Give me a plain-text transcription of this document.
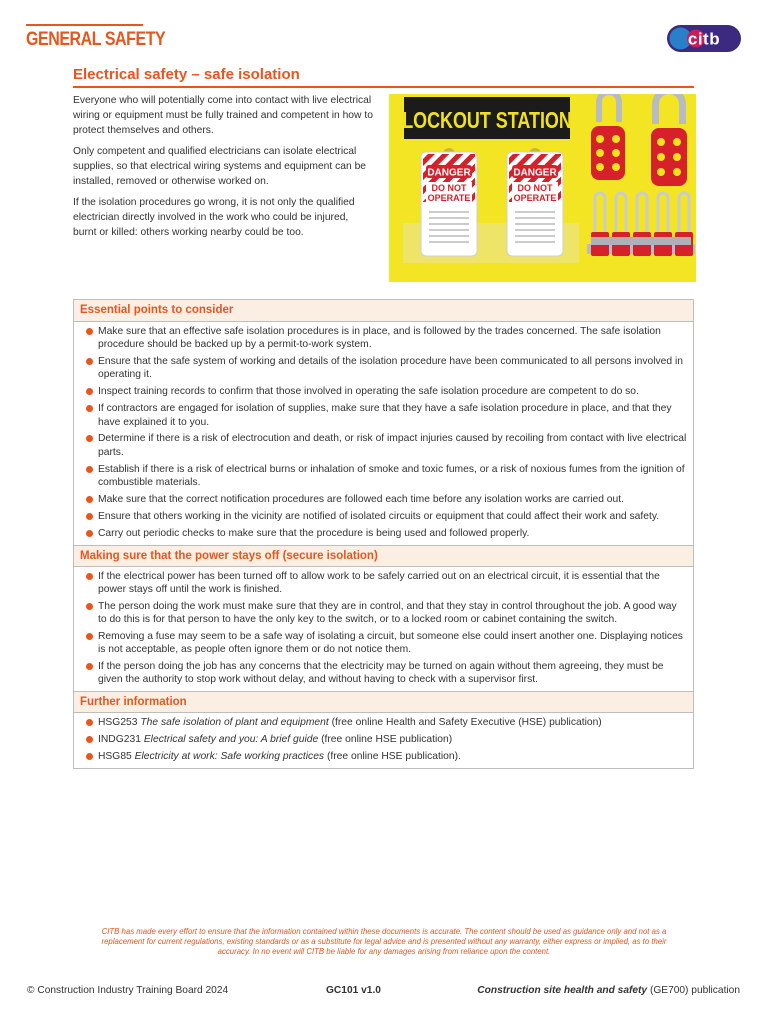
GENERAL SAFETY	citb
Electrical safety – safe isolation

Everyone who will potentially come into contact with live electrical wiring or equipment must be fully trained and competent in how to protect themselves and others.

Only competent and qualified electricians can isolate electrical supplies, so that electrical wiring systems and equipment can be installed, removed or otherwise worked on.

If the isolation procedures go wrong, it is not only the qualified electrician directly involved in the work who could be injured, burnt or killed: others working nearby could be too.

LOCKOUT STATION
DANGER
DO NOT
OPERATE
DANGER
DO NOT
OPERATE
Essential points to consider
Make sure that an effective safe isolation procedures is in place, and is followed by the trades concerned. The safe isolation procedure should be backed up by a permit-to-work system.
Ensure that the safe system of working and details of the isolation procedure have been communicated to all persons involved in operating it.
Inspect training records to confirm that those involved in operating the safe isolation procedure are competent to do so.
If contractors are engaged for isolation of supplies, make sure that they have a safe isolation procedure in place, and that they have explained it to you.
Determine if there is a risk of electrocution and death, or risk of impact injuries caused by recoiling from contact with live electrical parts.
Establish if there is a risk of electrical burns or inhalation of smoke and toxic fumes, or a risk of noxious fumes from the ignition of combustible materials.
Make sure that the correct notification procedures are followed each time before any isolation works are carried out.
Ensure that others working in the vicinity are notified of isolated circuits or equipment that could affect their work and safety.
Carry out periodic checks to make sure that the procedure is being used and followed properly.
Making sure that the power stays off (secure isolation)
If the electrical power has been turned off to allow work to be safely carried out on an electrical circuit, it is essential that the power stays off until the work is finished.
The person doing the work must make sure that they are in control, and that they stay in control throughout the job. A good way to do this is for that person to have the only key to the switch, or to a locked room or cabinet containing the switch.
Removing a fuse may seem to be a safe way of isolating a circuit, but someone else could insert another one. Displaying notices is not acceptable, as people often ignore them or do not notice them.
If the person doing the job has any concerns that the electricity may be turned on again without them agreeing, they must be given the authority to stop work without delay, and without having to check with a supervisor first.
Further information
HSG253 The safe isolation of plant and equipment (free online Health and Safety Executive (HSE) publication)
INDG231 Electrical safety and you: A brief guide (free online HSE publication)
HSG85 Electricity at work: Safe working practices (free online HSE publication).
CITB has made every effort to ensure that the information contained within these documents is accurate. The content should be used as guidance only and not as a replacement for current regulations, existing standards or as a substitute for legal advice and is presented without any warranty, either express or implied, as to their accuracy. In no event will CITB be liable for any damages arising from reliance upon the content.
© Construction Industry Training Board 2024	GC101 v1.0	Construction site health and safety (GE700) publication
